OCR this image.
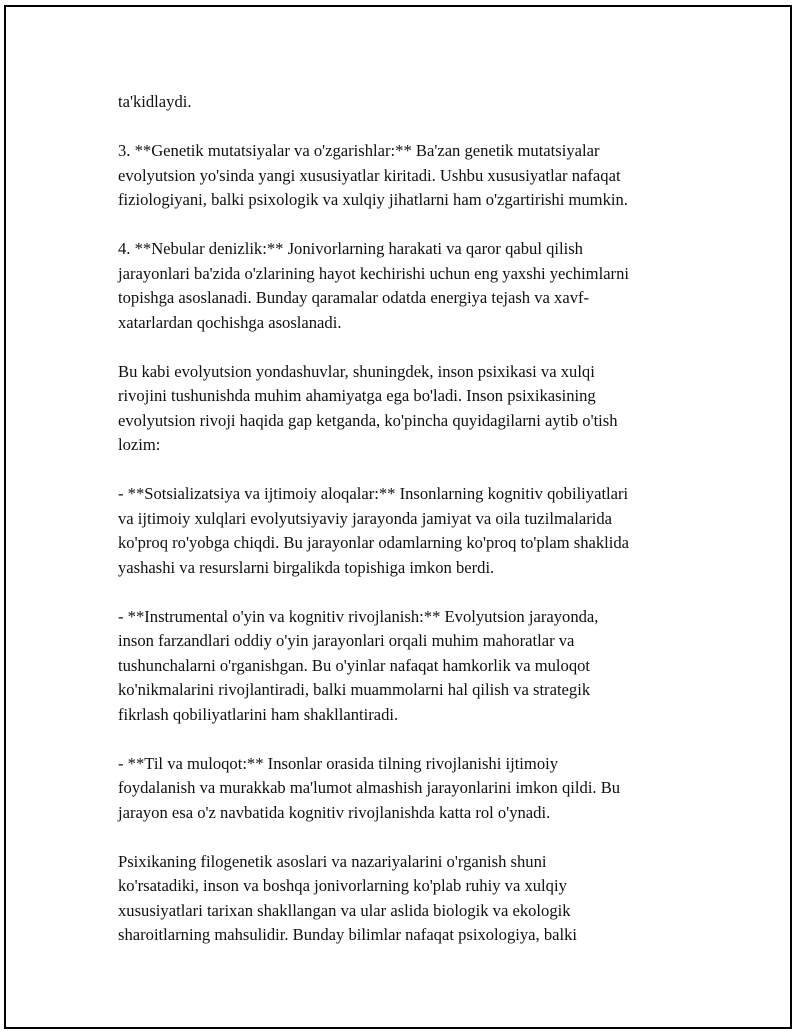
ta'kidlaydi.
3. **Genetik mutatsiyalar va o'zgarishlar:** Ba'zan genetik mutatsiyalar
evolyutsion yo'sinda yangi xususiyatlar kiritadi. Ushbu xususiyatlar nafaqat
fiziologiyani, balki psixologik va xulqiy jihatlarni ham o'zgartirishi mumkin.
4. **Nebular denizlik:** Jonivorlarning harakati va qaror qabul qilish
jarayonlari ba'zida o'zlarining hayot kechirishi uchun eng yaxshi yechimlarni
topishga asoslanadi. Bunday qaramalar odatda energiya tejash va xavf-
xatarlardan qochishga asoslanadi.
Bu kabi evolyutsion yondashuvlar, shuningdek, inson psixikasi va xulqi
rivojini tushunishda muhim ahamiyatga ega bo'ladi. Inson psixikasining
evolyutsion rivoji haqida gap ketganda, ko'pincha quyidagilarni aytib o'tish
lozim:
- **Sotsializatsiya va ijtimoiy aloqalar:** Insonlarning kognitiv qobiliyatlari
va ijtimoiy xulqlari evolyutsiyaviy jarayonda jamiyat va oila tuzilmalarida
ko'proq ro'yobga chiqdi. Bu jarayonlar odamlarning ko'proq to'plam shaklida
yashashi va resurslarni birgalikda topishiga imkon berdi.
- **Instrumental o'yin va kognitiv rivojlanish:** Evolyutsion jarayonda,
inson farzandlari oddiy o'yin jarayonlari orqali muhim mahoratlar va
tushunchalarni o'rganishgan. Bu o'yinlar nafaqat hamkorlik va muloqot
ko'nikmalarini rivojlantiradi, balki muammolarni hal qilish va strategik
fikrlash qobiliyatlarini ham shakllantiradi.
- **Til va muloqot:** Insonlar orasida tilning rivojlanishi ijtimoiy
foydalanish va murakkab ma'lumot almashish jarayonlarini imkon qildi. Bu
jarayon esa o'z navbatida kognitiv rivojlanishda katta rol o'ynadi.
Psixikaning filogenetik asoslari va nazariyalarini o'rganish shuni
ko'rsatadiki, inson va boshqa jonivorlarning ko'plab ruhiy va xulqiy
xususiyatlari tarixan shakllangan va ular aslida biologik va ekologik
sharoitlarning mahsulidir. Bunday bilimlar nafaqat psixologiya, balki
